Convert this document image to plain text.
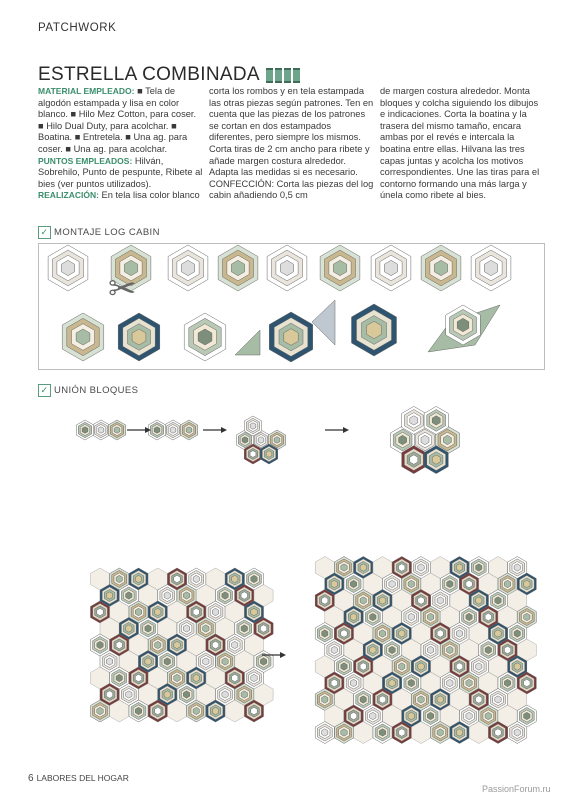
PATCHWORK
ESTRELLA COMBINADA

MATERIAL EMPLEADO: ■ Tela de algodón estampada y lisa en color blanco. ■ Hilo Mez Cotton, para coser. ■ Hilo Dual Duty, para acolchar. ■ Boatina. ■ Entretela. ■ Una ag. para coser. ■ Una ag. para acolchar.

PUNTOS EMPLEADOS: Hilván, Sobrehilo, Punto de pespunte, Ribete al bies (ver puntos utilizados).

REALIZACIÓN: En tela lisa color blanco

corta los rombos y en tela estampada las otras piezas según patrones. Ten en cuenta que las piezas de los patrones se cortan en dos estampados diferentes, pero siempre los mismos. Corta tiras de 2 cm ancho para ribete y añade margen costura alrededor. Adapta las medidas si es necesario. CONFECCIÓN: Corta las piezas del log cabin añadiendo 0,5 cm
de margen costura alrededor. Monta bloques y colcha siguiendo los dibujos e indicaciones. Corta la boatina y la trasera del mismo tamaño, encara ambas por el revés e intercala la boatina entre ellas. Hilvana las tres capas juntas y acolcha los motivos correspondientes. Une las tiras para el contorno formando una más larga y únela como ribete al bies.
✓ MONTAJE LOG CABIN
✓ UNIÓN BLOQUES
✂
6 LABORES DEL HOGAR
PassionForum.ru
